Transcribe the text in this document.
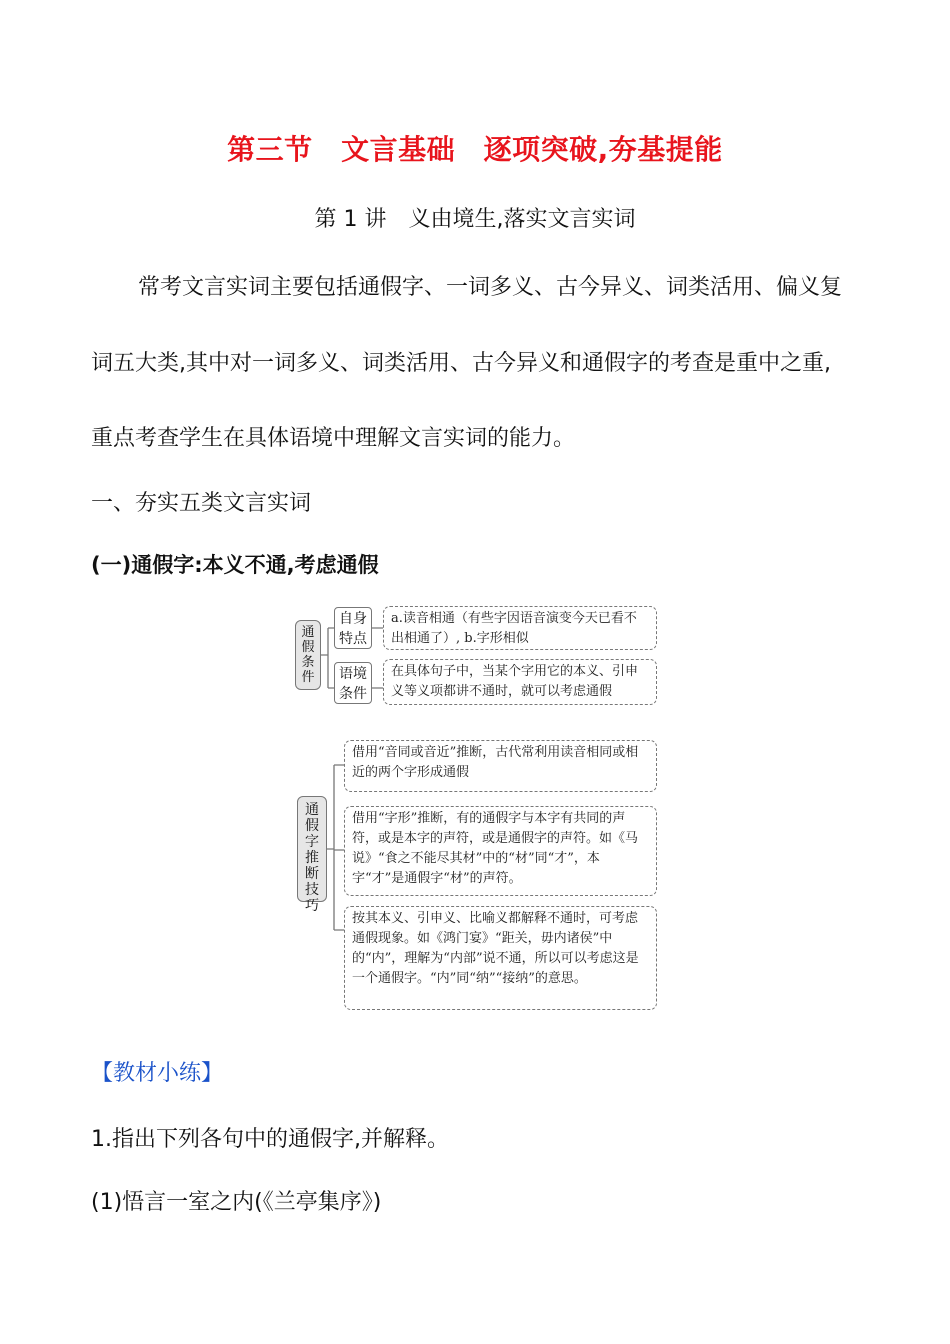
第三节　文言基础　逐项突破,夯基提能
第 1 讲　义由境生,落实文言实词
常考文言实词主要包括通假字、一词多义、古今异义、词类活用、偏义复
词五大类,其中对一词多义、词类活用、古今异义和通假字的考查是重中之重,
重点考查学生在具体语境中理解文言实词的能力。
一、夯实五类文言实词
(一)通假字:本义不通,考虑通假
通假条件
自身特点
语境条件
a.读音相通（有些字因语音演变今天已看不出相通了）, b.字形相似
在具体句子中，当某个字用它的本义、引申义等义项都讲不通时，就可以考虑通假
通假字推断技巧
借用“音同或音近”推断，古代常利用读音相同或相近的两个字形成通假
借用“字形”推断，有的通假字与本字有共同的声符，或是本字的声符，或是通假字的声符。如《马说》“食之不能尽其材”中的“材”同“才”，本字“才”是通假字“材”的声符。
按其本义、引申义、比喻义都解释不通时，可考虑通假现象。如《鸿门宴》“距关，毋内诸侯”中的“内”，理解为“内部”说不通，所以可以考虑这是一个通假字。“内”同“纳”“接纳”的意思。
【教材小练】
1.指出下列各句中的通假字,并解释。
(1)悟言一室之内(《兰亭集序》)
